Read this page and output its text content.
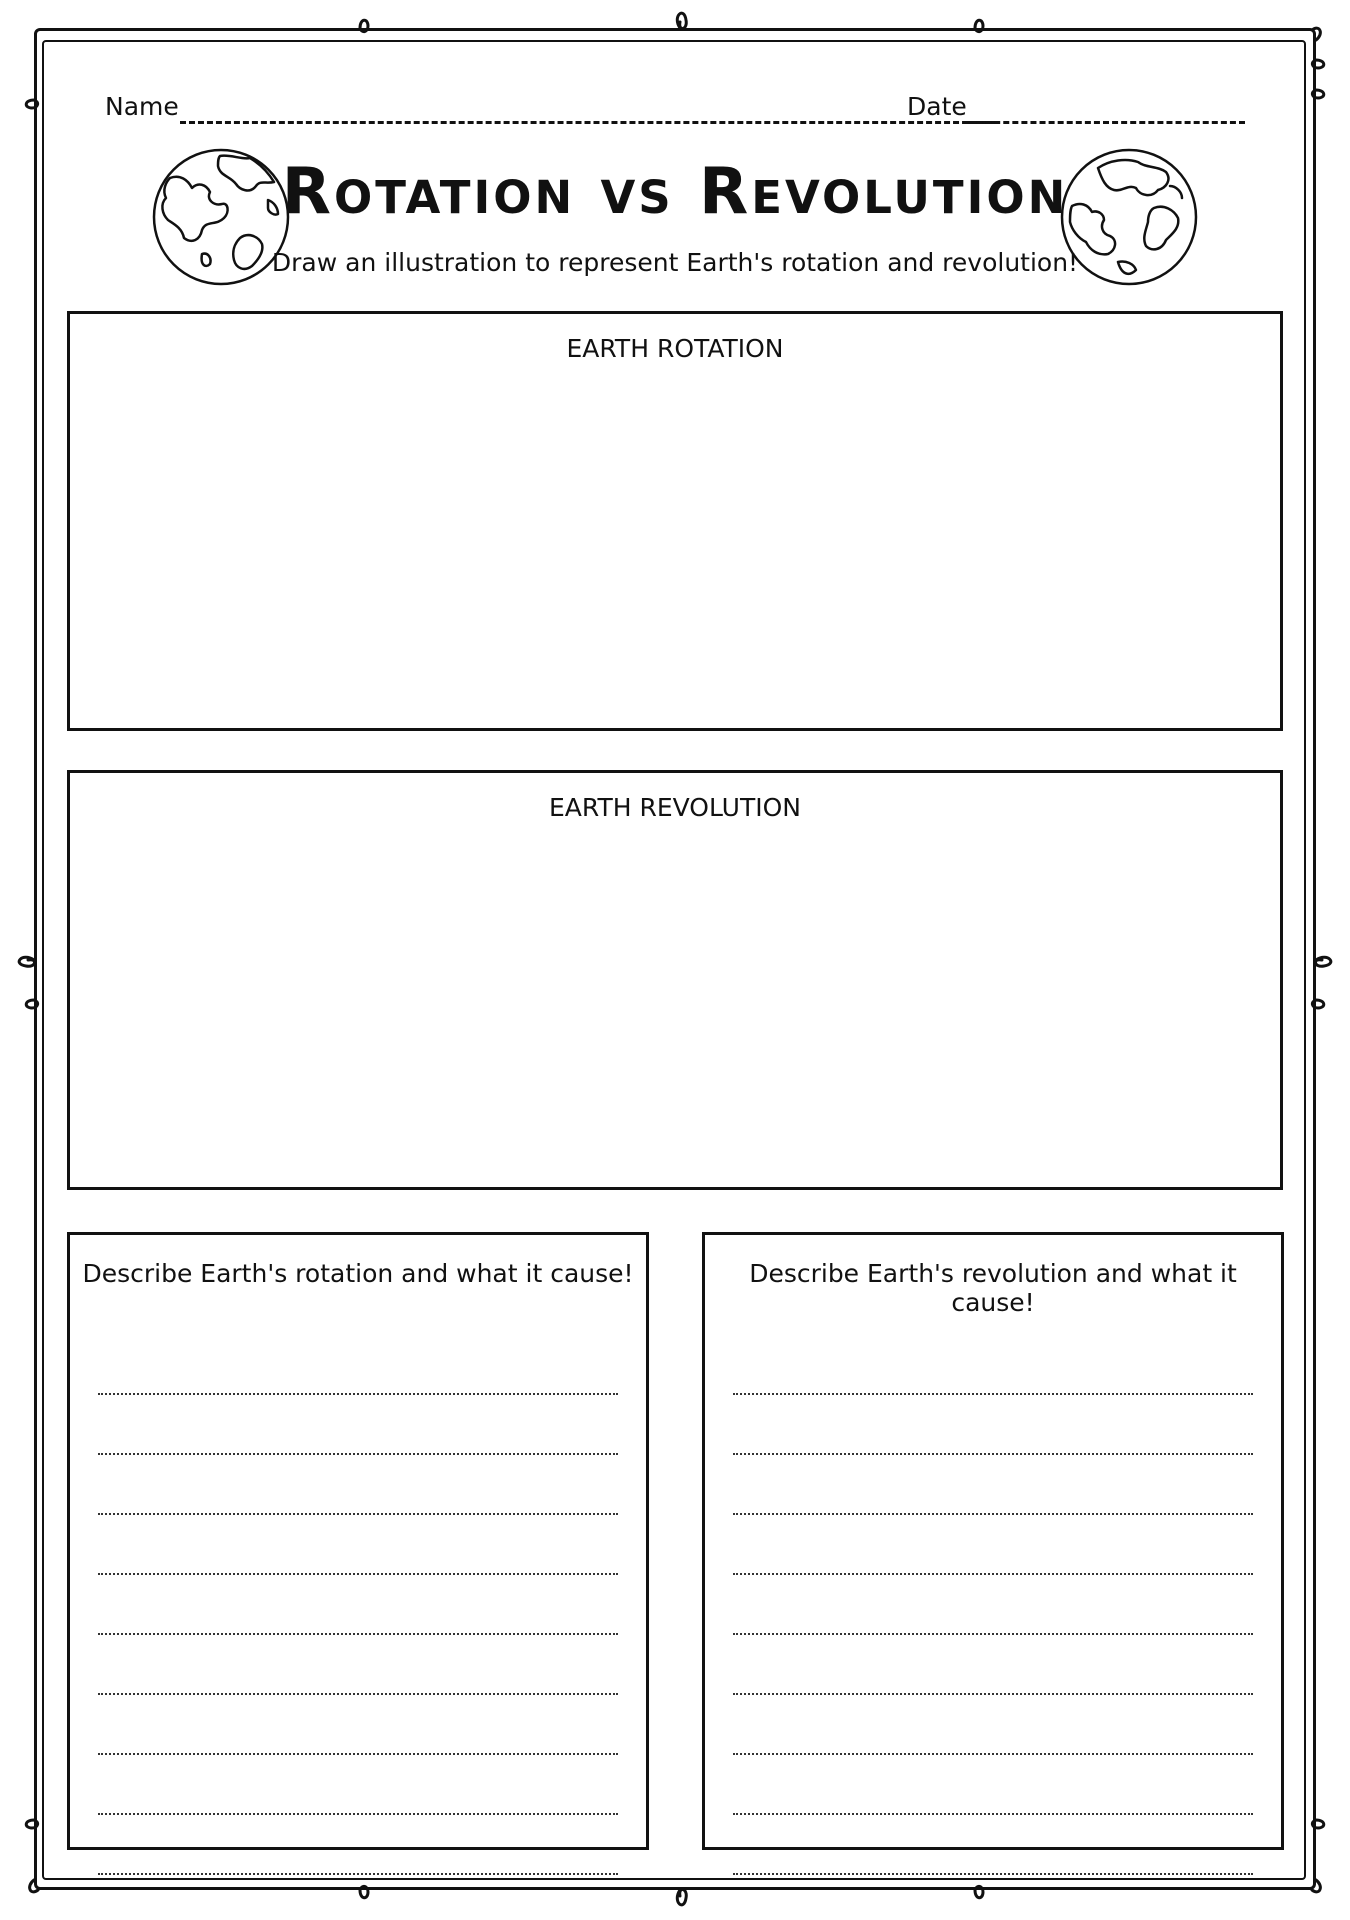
Name	Date
Rotation vs Revolution
Draw an illustration to represent Earth's rotation and revolution!
EARTH ROTATION
EARTH REVOLUTION
Describe Earth's rotation and what it cause!	Describe Earth's revolution and what it cause!
